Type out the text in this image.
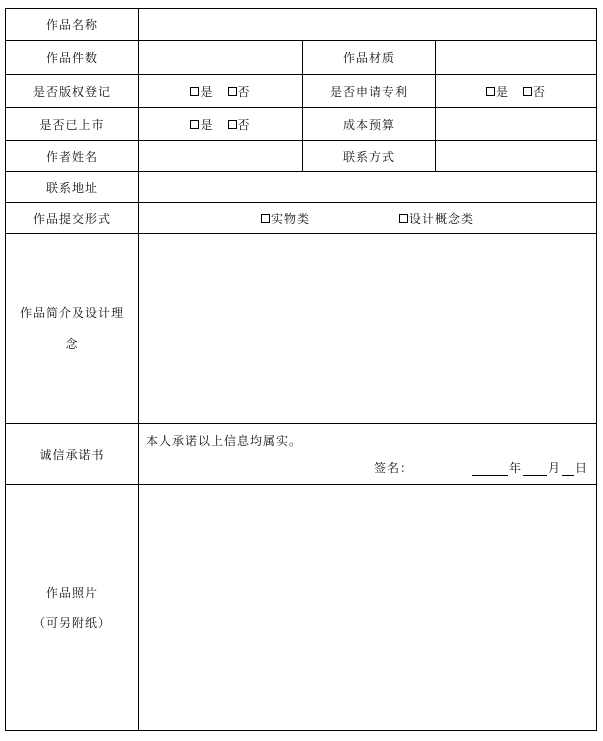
作品名称			
作品件数		作品材质	
是否版权登记	是 否	是否申请专利	是 否

是否已上市	是 否	成本预算	
作者姓名		联系方式	
联系地址			
作品提交形式	实物类 设计概念类		

作品简介及设计理
念			

诚信承诺书	本人承诺以上信息均属实。
签名： 年 月 日		

作品照片
（可另附纸）			
